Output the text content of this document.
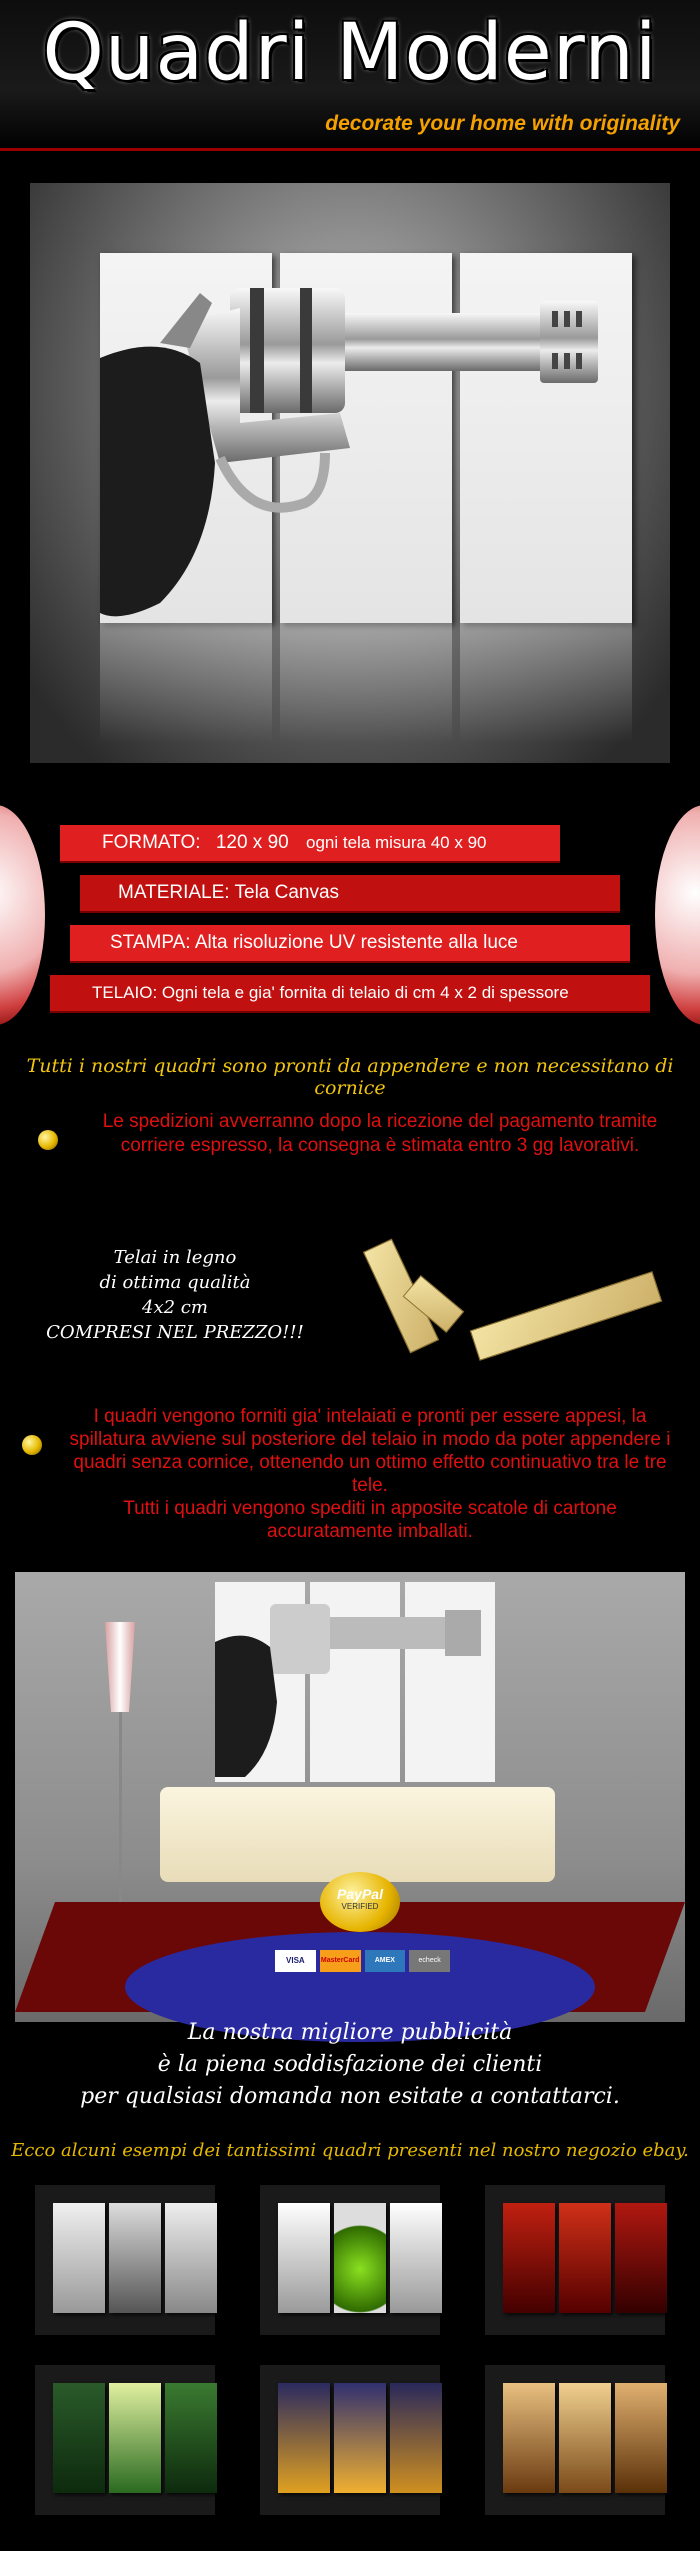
Quadri Moderni
decorate your home with originality
FORMATO: 120 x 90 ogni tela misura 40 x 90
MATERIALE: Tela Canvas
STAMPA: Alta risoluzione UV resistente alla luce
TELAIO: Ogni tela e gia' fornita di telaio di cm 4 x 2 di spessore
Tutti i nostri quadri sono pronti da appendere e non necessitano di cornice
Le spedizioni avverranno dopo la ricezione del pagamento tramite corriere espresso, la consegna è stimata entro 3 gg lavorativi.
Telai in legno
di ottima qualità
4x2 cm
COMPRESI NEL PREZZO!!!
I quadri vengono forniti gia' intelaiati e pronti per essere appesi, la spillatura avviene sul posteriore del telaio in modo da poter appendere i quadri senza cornice, ottenendo un ottimo effetto continuativo tra le tre tele.
Tutti i quadri vengono spediti in apposite scatole di cartone accuratamente imballati.
PayPal
VERIFIED
VISA	MasterCard	AMEX	echeck
La nostra migliore pubblicità
è la piena soddisfazione dei clienti
per qualsiasi domanda non esitate a contattarci.
Ecco alcuni esempi dei tantissimi quadri presenti nel nostro negozio ebay.
